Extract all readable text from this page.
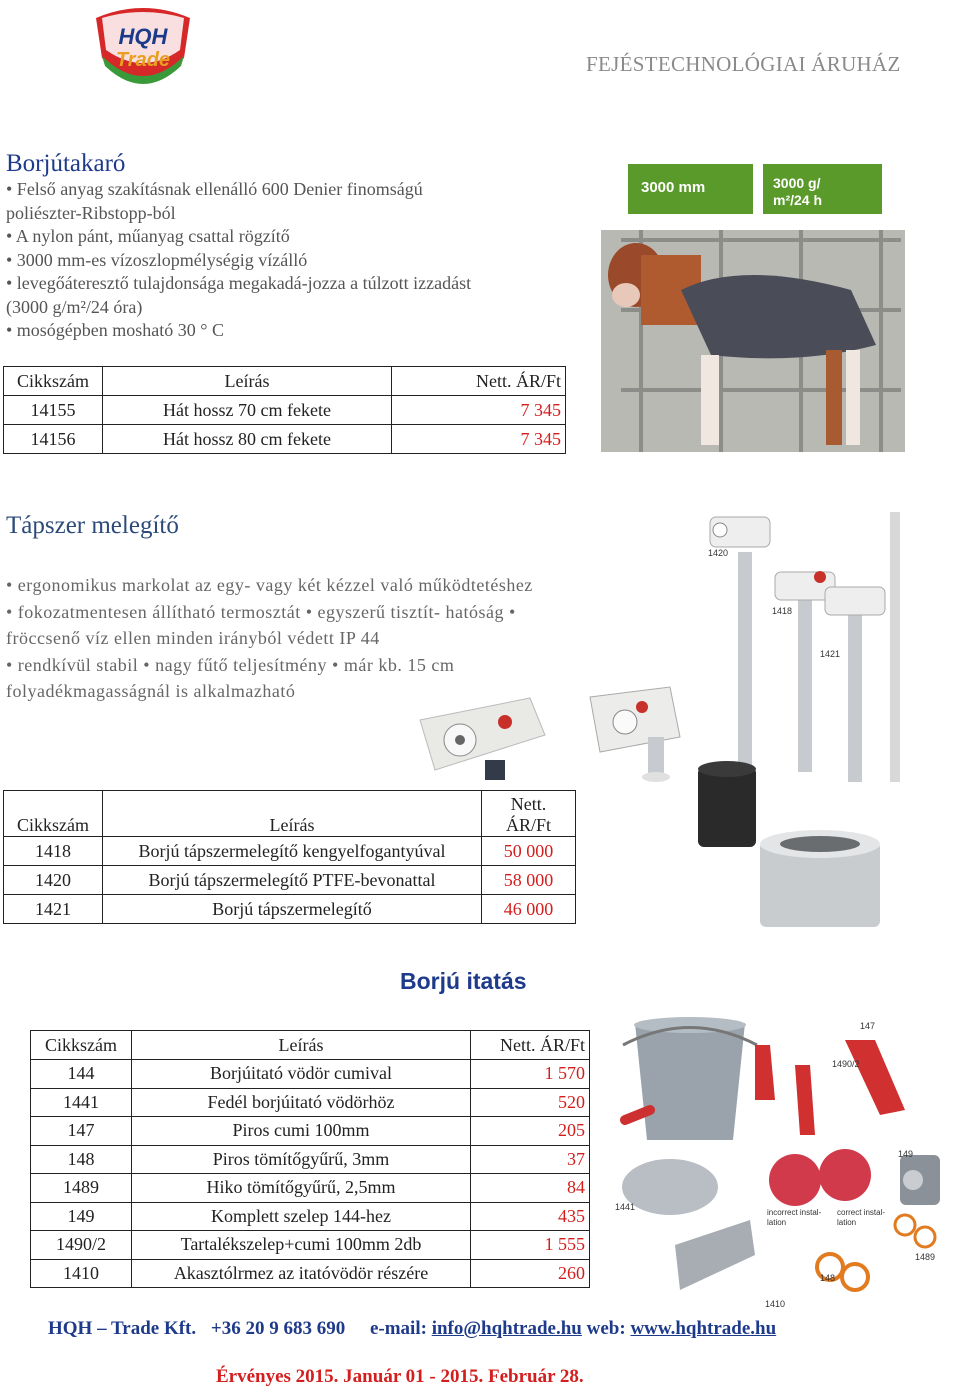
HQH
Trade	FEJÉSTECHNOLÓGIAI ÁRUHÁZ
Borjútakaró
• Felső anyag szakításnak ellenálló 600 Denier finomságú
poliészter-Ribstopp-ból
• A nylon pánt, műanyag csattal rögzítő
• 3000 mm-es vízoszlopmélységig vízálló
• levegőáteresztő tulajdonsága megakadá-jozza a túlzott izzadást
(3000 g/m²/24 óra)
• mosógépben mosható 30 ° C
Cikkszám	Leírás	Nett. ÁR/Ft
14155	Hát hossz 70 cm fekete	7 345
14156	Hát hossz 80 cm fekete	7 345
3000 mm	3000 g/
m²/24 h
Tápszer melegítő
• ergonomikus markolat az egy- vagy két kézzel való működtetéshez
• fokozatmentesen állítható termosztát • egyszerű tisztít- hatóság •
fröccsenő víz ellen minden irányból védett IP 44
• rendkívül stabil • nagy fűtő teljesítmény • már kb. 15 cm
folyadékmagasságnál is alkalmazható
1420
1418
1421
Cikkszám	Leírás	Nett.
ÁR/Ft

1418	Borjú tápszermelegítő kengyelfogantyúval	50 000
1420	Borjú tápszermelegítő PTFE-bevonattal	58 000
1421	Borjú tápszermelegítő	46 000
Borjú itatás
Cikkszám	Leírás	Nett. ÁR/Ft
144	Borjúitató vödör cumival	1 570
1441	Fedél borjúitató vödörhöz	520
147	Piros cumi 100mm	205
148	Piros tömítőgyűrű, 3mm	37
1489	Hiko tömítőgyűrű, 2,5mm	84
149	Komplett szelep 144-hez	435
1490/2	Tartalékszelep+cumi 100mm 2db	1 555
1410	Akasztólrmez az itatóvödör részére	260
147
1490/2
1441
incorrect instal-
lation
correct instal-
lation
149
1489
148
1410
HQH – Trade Kft. +36 20 9 683 690 e-mail: info@hqhtrade.hu web: www.hqhtrade.hu
Érvényes 2015. Január 01 - 2015. Február 28.
